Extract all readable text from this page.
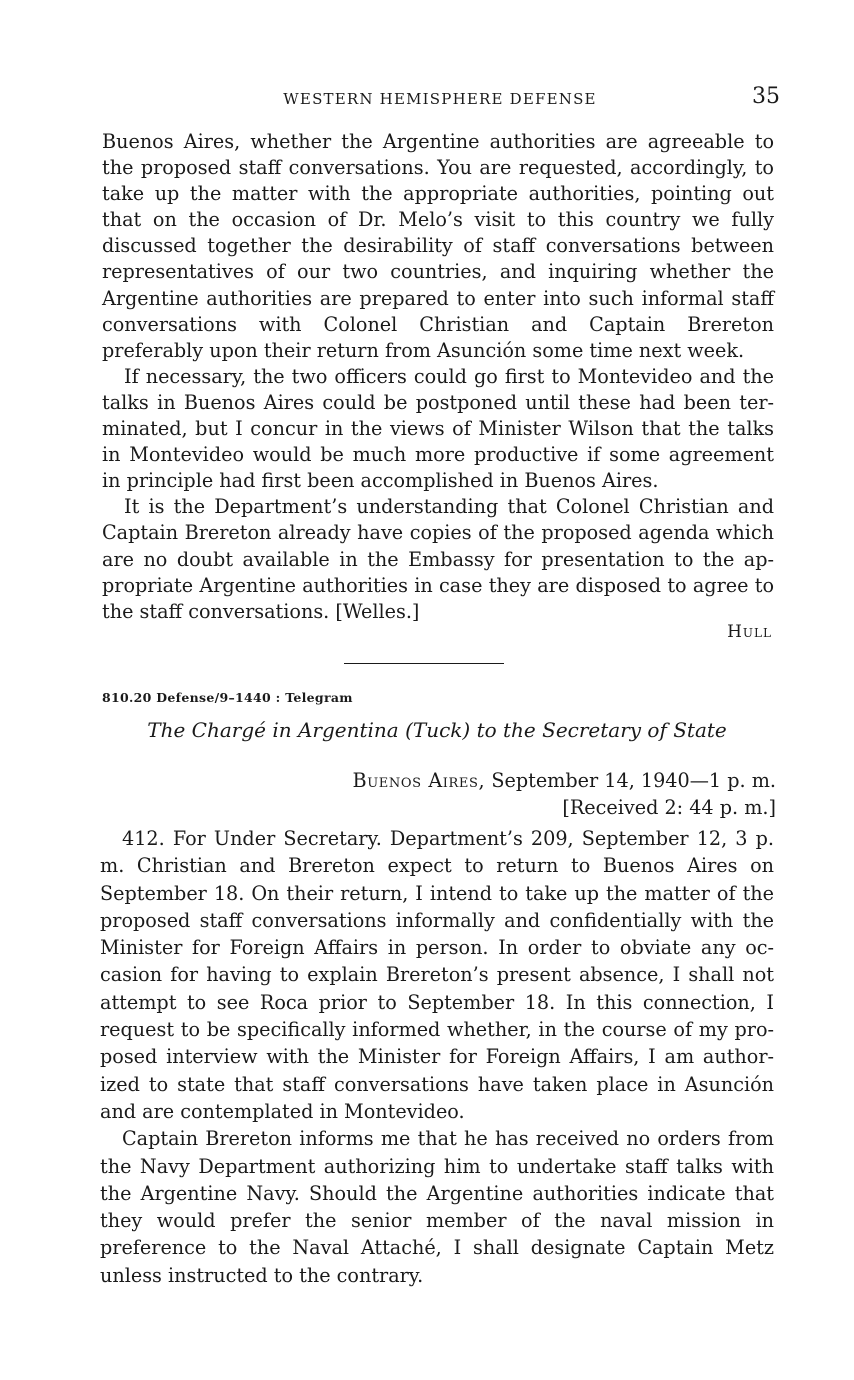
WESTERN HEMISPHERE DEFENSE	35

Buenos Aires, whether the Argentine authorities are agreeable to the proposed staff conversations. You are requested, accordingly, to take up the matter with the appropriate authorities, pointing out that on the occasion of Dr. Melo’s visit to this country we fully discussed together the desirability of staff conversations between representatives of our two countries, and inquiring whether the Argentine authorities are prepared to enter into such informal staff conversations with Colonel Christian and Captain Brereton preferably upon their return from Asunción some time next week.

If necessary, the two officers could go first to Montevideo and the talks in Buenos Aires could be postponed until these had been terminated, but I concur in the views of Minister Wilson that the talks in Montevideo would be much more productive if some agreement in principle had first been accomplished in Buenos Aires.

It is the Department’s understanding that Colonel Christian and Captain Brereton already have copies of the proposed agenda which are no doubt available in the Embassy for presentation to the appropriate Argentine authorities in case they are disposed to agree to the staff conversations. [Welles.]

Hull
810.20 Defense/9–1440 : Telegram
The Chargé in Argentina (Tuck) to the Secretary of State
Buenos Aires, September 14, 1940—1 p. m.
[Received 2: 44 p. m.]

412. For Under Secretary. Department’s 209, September 12, 3 p. m. Christian and Brereton expect to return to Buenos Aires on September 18. On their return, I intend to take up the matter of the proposed staff conversations informally and confidentially with the Minister for Foreign Affairs in person. In order to obviate any occasion for having to explain Brereton’s present absence, I shall not attempt to see Roca prior to September 18. In this connection, I request to be specifically informed whether, in the course of my proposed interview with the Minister for Foreign Affairs, I am authorized to state that staff conversations have taken place in Asunción and are contemplated in Montevideo.

Captain Brereton informs me that he has received no orders from the Navy Department authorizing him to undertake staff talks with the Argentine Navy. Should the Argentine authorities indicate that they would prefer the senior member of the naval mission in preference to the Naval Attaché, I shall designate Captain Metz unless instructed to the contrary.
